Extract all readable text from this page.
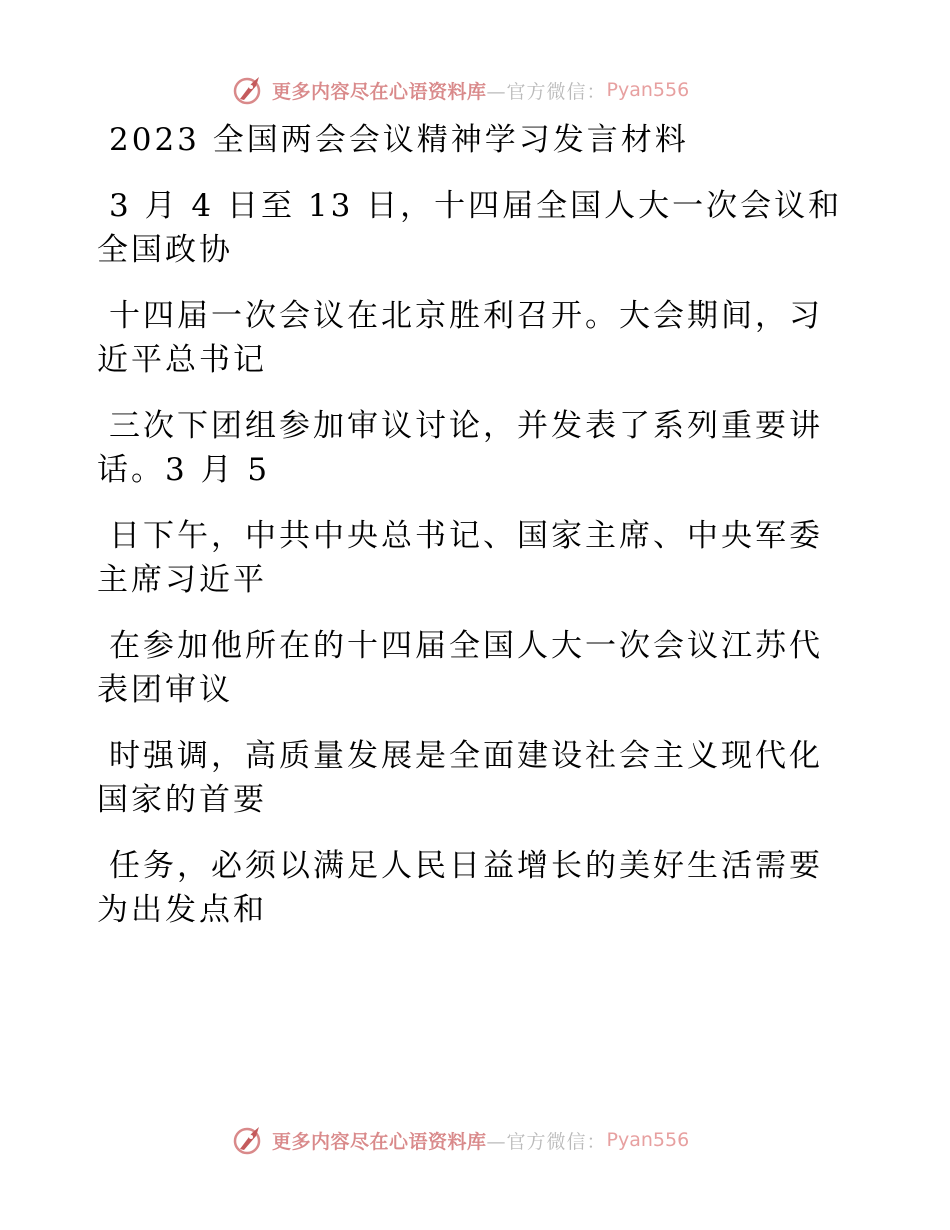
更多内容尽在心语资料库 —官方微信： Pyan556
2023 全国两会会议精神学习发言材料
3 月 4 日至 13 日，十四届全国人大一次会议和
全国政协
十四届一次会议在北京胜利召开。大会期间，习
近平总书记
三次下团组参加审议讨论，并发表了系列重要讲
话。3 月 5
日下午，中共中央总书记、国家主席、中央军委
主席习近平
在参加他所在的十四届全国人大一次会议江苏代
表团审议
时强调，高质量发展是全面建设社会主义现代化
国家的首要
任务，必须以满足人民日益增长的美好生活需要
为出发点和
更多内容尽在心语资料库 —官方微信： Pyan556
